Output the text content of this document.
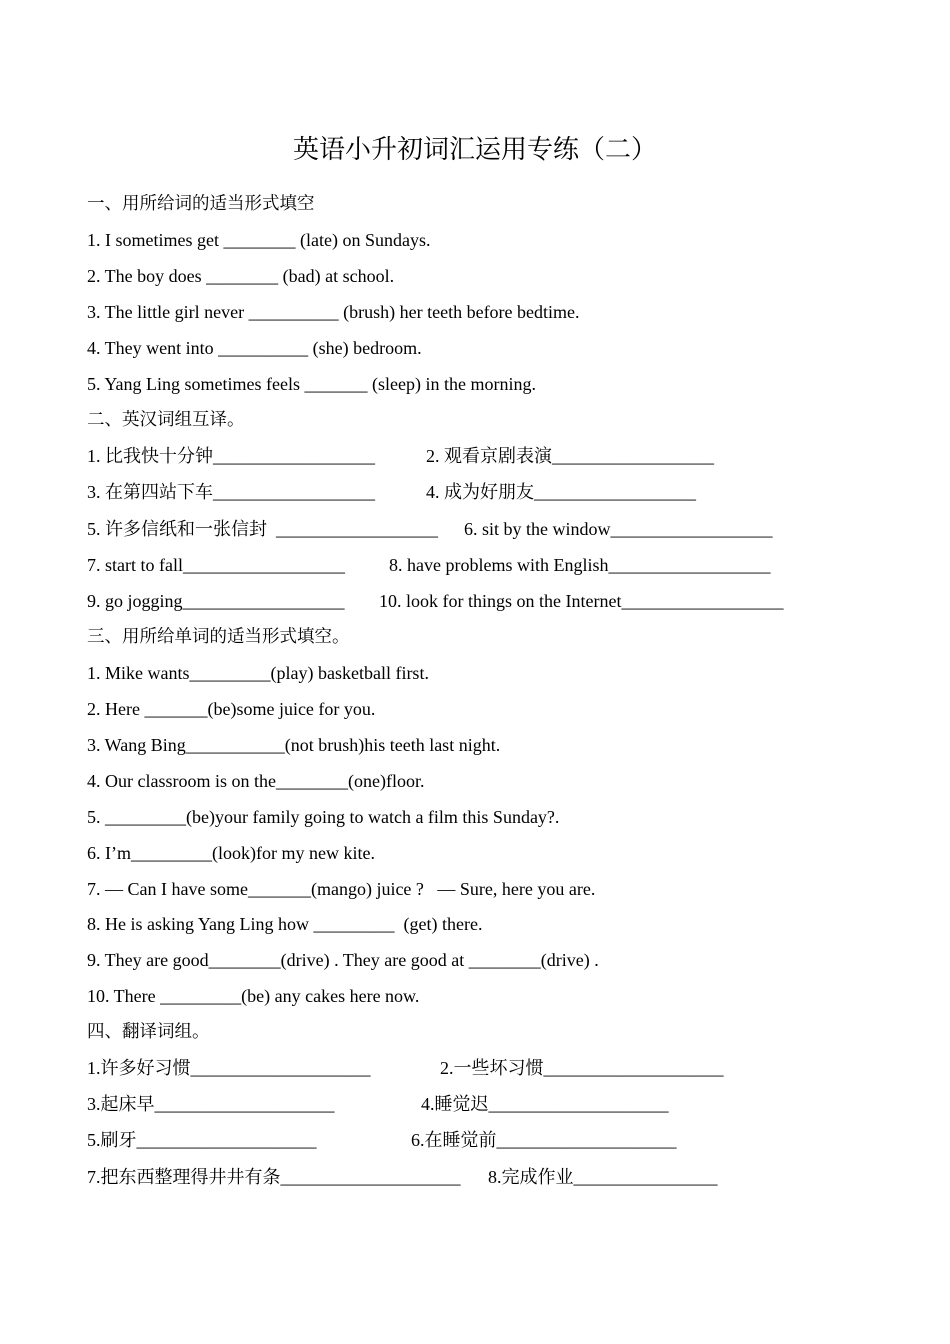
英语小升初词汇运用专练（二）
一、用所给词的适当形式填空
1. I sometimes get ________ (late) on Sundays.
2. The boy does ________ (bad) at school.
3. The little girl never __________ (brush) her teeth before bedtime.
4. They went into __________ (she) bedroom.
5. Yang Ling sometimes feels _______ (sleep) in the morning.
二、英汉词组互译。
1. 比我快十分钟__________________	2. 观看京剧表演__________________
3. 在第四站下车__________________	4. 成为好朋友__________________
5. 许多信纸和一张信封  __________________ 6. sit by the window__________________
7. start to fall__________________ 8. have problems with English__________________
9. go jogging__________________ 10. look for things on the Internet__________________
三、用所给单词的适当形式填空。
1. Mike wants_________(play) basketball first.
2. Here _______(be)some juice for you.
3. Wang Bing___________(not brush)his teeth last night.
4. Our classroom is on the________(one)floor.
5. _________(be)your family going to watch a film this Sunday?.
6. I’m_________(look)for my new kite.
7. — Can I have some_______(mango) juice ?   — Sure, here you are.
8. He is asking Yang Ling how _________  (get) there.
9. They are good________(drive) . They are good at ________(drive) .
10. There _________(be) any cakes here now.
四、翻译词组。
1.许多好习惯____________________	2.一些坏习惯____________________
3.起床早____________________	4.睡觉迟____________________
5.刷牙____________________	6.在睡觉前____________________
7.把东西整理得井井有条____________________ 8.完成作业________________
